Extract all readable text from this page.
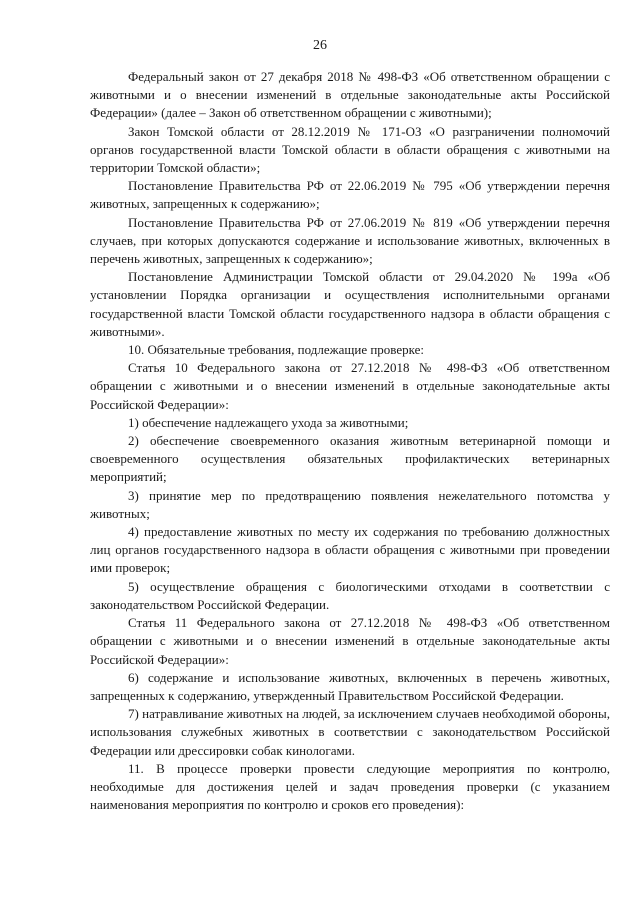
26

Федеральный закон от 27 декабря 2018 № 498-ФЗ «Об ответственном обращении с животными и о внесении изменений в отдельные законодательные акты Российской Федерации» (далее – Закон об ответственном обращении с животными);

Закон Томской области от 28.12.2019 № 171-ОЗ «О разграничении полномочий органов государственной власти Томской области в области обращения с животными на территории Томской области»;

Постановление Правительства РФ от 22.06.2019 № 795 «Об утверждении перечня животных, запрещенных к содержанию»;

Постановление Правительства РФ от 27.06.2019 № 819 «Об утверждении перечня случаев, при которых допускаются содержание и использование животных, включенных в перечень животных, запрещенных к содержанию»;

Постановление Администрации Томской области от 29.04.2020 № 199а «Об установлении Порядка организации и осуществления исполнительными органами государственной власти Томской области государственного надзора в области обращения с животными».

10. Обязательные требования, подлежащие проверке:

Статья 10 Федерального закона от 27.12.2018 № 498-ФЗ «Об ответственном обращении с животными и о внесении изменений в отдельные законодательные акты Российской Федерации»:

1) обеспечение надлежащего ухода за животными;

2) обеспечение своевременного оказания животным ветеринарной помощи и своевременного осуществления обязательных профилактических ветеринарных мероприятий;

3) принятие мер по предотвращению появления нежелательного потомства у животных;

4) предоставление животных по месту их содержания по требованию должностных лиц органов государственного надзора в области обращения с животными при проведении ими проверок;

5) осуществление обращения с биологическими отходами в соответствии с законодательством Российской Федерации.

Статья 11 Федерального закона от 27.12.2018 № 498-ФЗ «Об ответственном обращении с животными и о внесении изменений в отдельные законодательные акты Российской Федерации»:

6) содержание и использование животных, включенных в перечень животных, запрещенных к содержанию, утвержденный Правительством Российской Федерации.

7) натравливание животных на людей, за исключением случаев необходимой обороны, использования служебных животных в соответствии с законодательством Российской Федерации или дрессировки собак кинологами.

11. В процессе проверки провести следующие мероприятия по контролю, необходимые для достижения целей и задач проведения проверки (с указанием наименования мероприятия по контролю и сроков его проведения):
